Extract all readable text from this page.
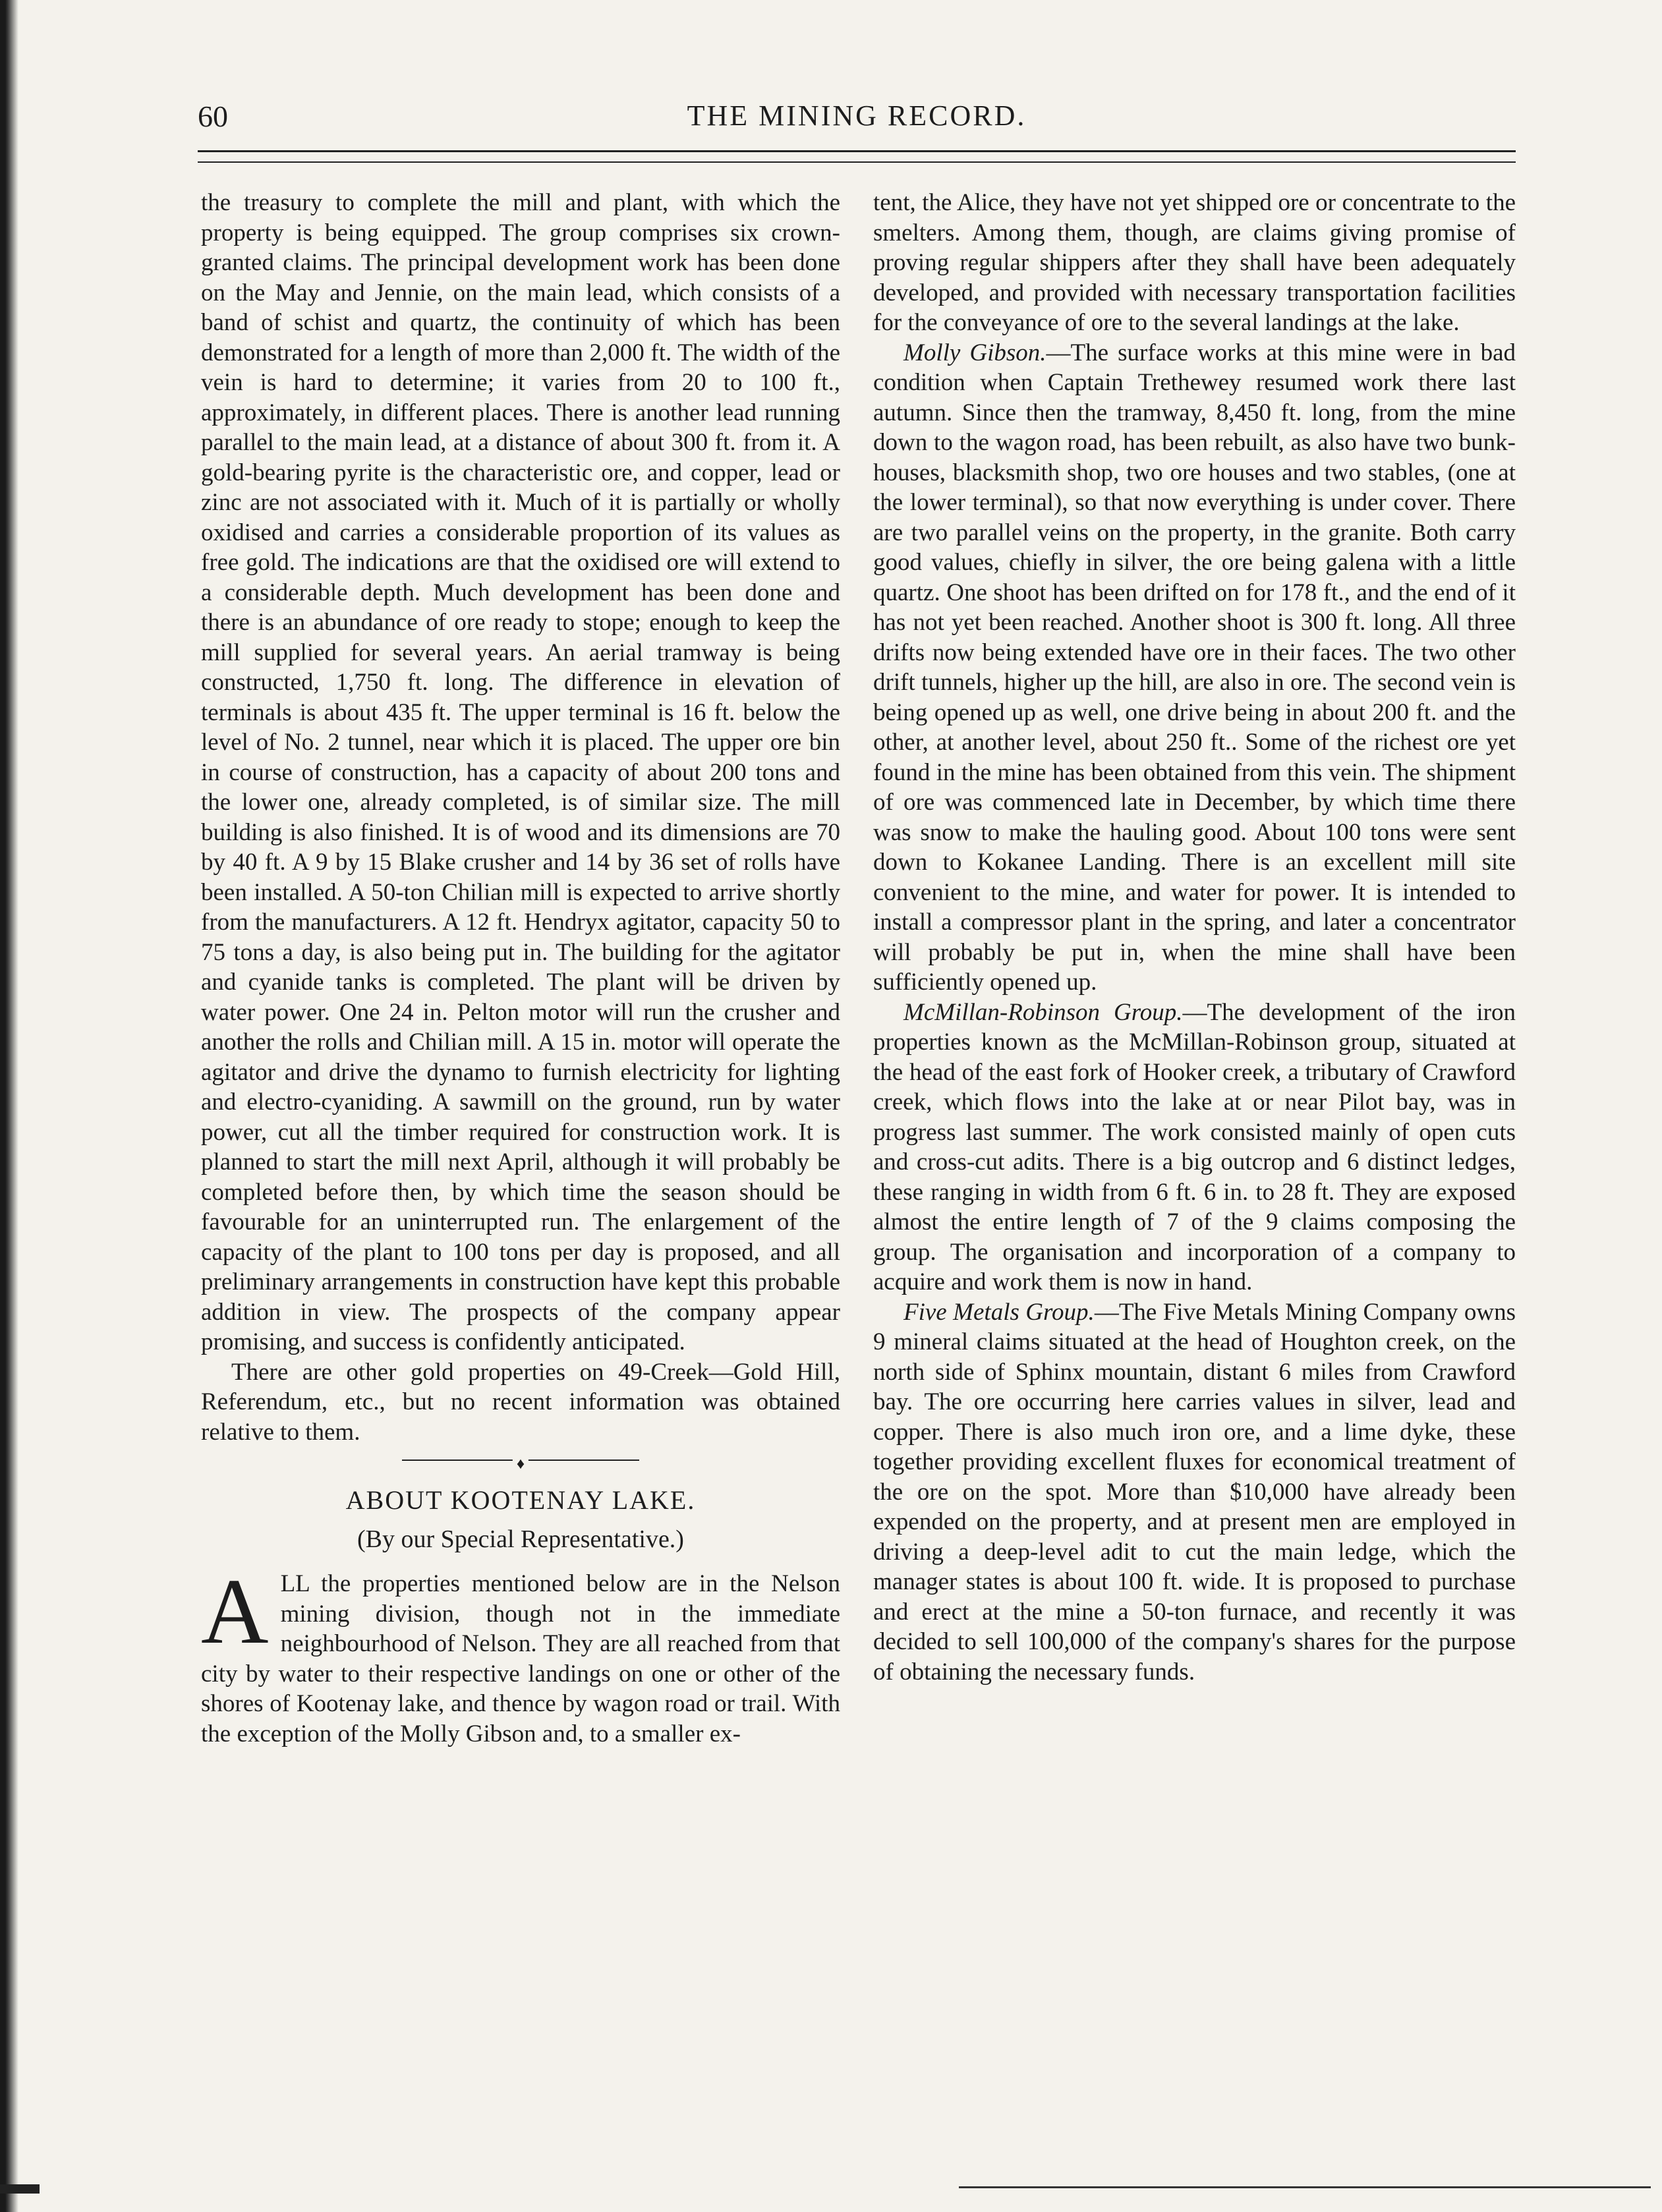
60	THE MINING RECORD.

the treasury to complete the mill and plant, with which the property is being equipped. The group comprises six crown-granted claims. The principal development work has been done on the May and Jennie, on the main lead, which consists of a band of schist and quartz, the continuity of which has been demonstrated for a length of more than 2,000 ft. The width of the vein is hard to determine; it varies from 20 to 100 ft., approximately, in different places. There is another lead running parallel to the main lead, at a distance of about 300 ft. from it. A gold-bearing pyrite is the characteristic ore, and copper, lead or zinc are not associated with it. Much of it is partially or wholly oxidised and carries a considerable proportion of its values as free gold. The indications are that the oxidised ore will extend to a considerable depth. Much development has been done and there is an abundance of ore ready to stope; enough to keep the mill supplied for several years. An aerial tramway is being constructed, 1,750 ft. long. The difference in elevation of terminals is about 435 ft. The upper terminal is 16 ft. below the level of No. 2 tunnel, near which it is placed. The upper ore bin in course of construction, has a capacity of about 200 tons and the lower one, already completed, is of similar size. The mill building is also finished. It is of wood and its dimensions are 70 by 40 ft. A 9 by 15 Blake crusher and 14 by 36 set of rolls have been installed. A 50-ton Chilian mill is expected to arrive shortly from the manufacturers. A 12 ft. Hendryx agitator, capacity 50 to 75 tons a day, is also being put in. The building for the agitator and cyanide tanks is completed. The plant will be driven by water power. One 24 in. Pelton motor will run the crusher and another the rolls and Chilian mill. A 15 in. motor will operate the agitator and drive the dynamo to furnish electricity for lighting and electro-cyaniding. A sawmill on the ground, run by water power, cut all the timber required for construction work. It is planned to start the mill next April, although it will probably be completed before then, by which time the season should be favourable for an uninterrupted run. The enlargement of the capacity of the plant to 100 tons per day is proposed, and all preliminary arrangements in construction have kept this probable addition in view. The prospects of the company appear promising, and success is confidently anticipated.

There are other gold properties on 49-Creek—Gold Hill, Referendum, etc., but no recent information was obtained relative to them.

♦
ABOUT KOOTENAY LAKE.
(By our Special Representative.)

ALL the properties mentioned below are in the Nelson mining division, though not in the immediate neighbourhood of Nelson. They are all reached from that city by water to their respective landings on one or other of the shores of Kootenay lake, and thence by wagon road or trail. With the exception of the Molly Gibson and, to a smaller ex-

tent, the Alice, they have not yet shipped ore or concentrate to the smelters. Among them, though, are claims giving promise of proving regular shippers after they shall have been adequately developed, and provided with necessary transportation facilities for the conveyance of ore to the several landings at the lake.

Molly Gibson.—The surface works at this mine were in bad condition when Captain Trethewey resumed work there last autumn. Since then the tramway, 8,450 ft. long, from the mine down to the wagon road, has been rebuilt, as also have two bunk-houses, blacksmith shop, two ore houses and two stables, (one at the lower terminal), so that now everything is under cover. There are two parallel veins on the property, in the granite. Both carry good values, chiefly in silver, the ore being galena with a little quartz. One shoot has been drifted on for 178 ft., and the end of it has not yet been reached. Another shoot is 300 ft. long. All three drifts now being extended have ore in their faces. The two other drift tunnels, higher up the hill, are also in ore. The second vein is being opened up as well, one drive being in about 200 ft. and the other, at another level, about 250 ft.. Some of the richest ore yet found in the mine has been obtained from this vein. The shipment of ore was commenced late in December, by which time there was snow to make the hauling good. About 100 tons were sent down to Kokanee Landing. There is an excellent mill site convenient to the mine, and water for power. It is intended to install a compressor plant in the spring, and later a concentrator will probably be put in, when the mine shall have been sufficiently opened up.

McMillan-Robinson Group.—The development of the iron properties known as the McMillan-Robinson group, situated at the head of the east fork of Hooker creek, a tributary of Crawford creek, which flows into the lake at or near Pilot bay, was in progress last summer. The work consisted mainly of open cuts and cross-cut adits. There is a big outcrop and 6 distinct ledges, these ranging in width from 6 ft. 6 in. to 28 ft. They are exposed almost the entire length of 7 of the 9 claims composing the group. The organisation and incorporation of a company to acquire and work them is now in hand.

Five Metals Group.—The Five Metals Mining Company owns 9 mineral claims situated at the head of Houghton creek, on the north side of Sphinx mountain, distant 6 miles from Crawford bay. The ore occurring here carries values in silver, lead and copper. There is also much iron ore, and a lime dyke, these together providing excellent fluxes for economical treatment of the ore on the spot. More than $10,000 have already been expended on the property, and at present men are employed in driving a deep-level adit to cut the main ledge, which the manager states is about 100 ft. wide. It is proposed to purchase and erect at the mine a 50-ton furnace, and recently it was decided to sell 100,000 of the company's shares for the purpose of obtaining the necessary funds.
